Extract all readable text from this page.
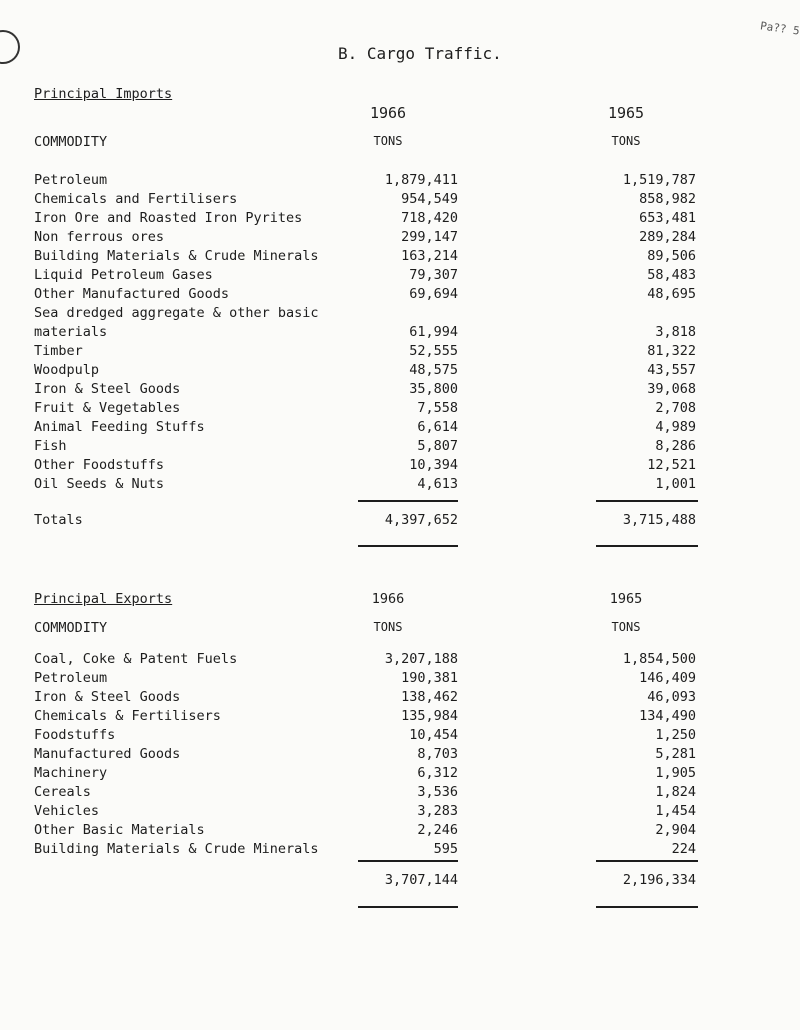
Pa?? 5
B. Cargo Traffic.
Principal Imports
1966	1965
COMMODITY	TONS	TONS
Petroleum	1,879,411	1,519,787
Chemicals and Fertilisers	954,549	858,982
Iron Ore and Roasted Iron Pyrites	718,420	653,481
Non ferrous ores	299,147	289,284
Building Materials & Crude Minerals	163,214	89,506
Liquid Petroleum Gases	79,307	58,483
Other Manufactured Goods	69,694	48,695
Sea dredged aggregate & other basic
materials	61,994	3,818
Timber	52,555	81,322
Woodpulp	48,575	43,557
Iron & Steel Goods	35,800	39,068
Fruit & Vegetables	7,558	2,708
Animal Feeding Stuffs	6,614	4,989
Fish	5,807	8,286
Other Foodstuffs	10,394	12,521
Oil Seeds & Nuts	4,613	1,001
Totals	4,397,652	3,715,488
Principal Exports	1966	1965
COMMODITY	TONS	TONS
Coal, Coke & Patent Fuels	3,207,188	1,854,500
Petroleum	190,381	146,409
Iron & Steel Goods	138,462	46,093
Chemicals & Fertilisers	135,984	134,490
Foodstuffs	10,454	1,250
Manufactured Goods	8,703	5,281
Machinery	6,312	1,905
Cereals	3,536	1,824
Vehicles	3,283	1,454
Other Basic Materials	2,246	2,904
Building Materials & Crude Minerals	595	224
3,707,144	2,196,334
